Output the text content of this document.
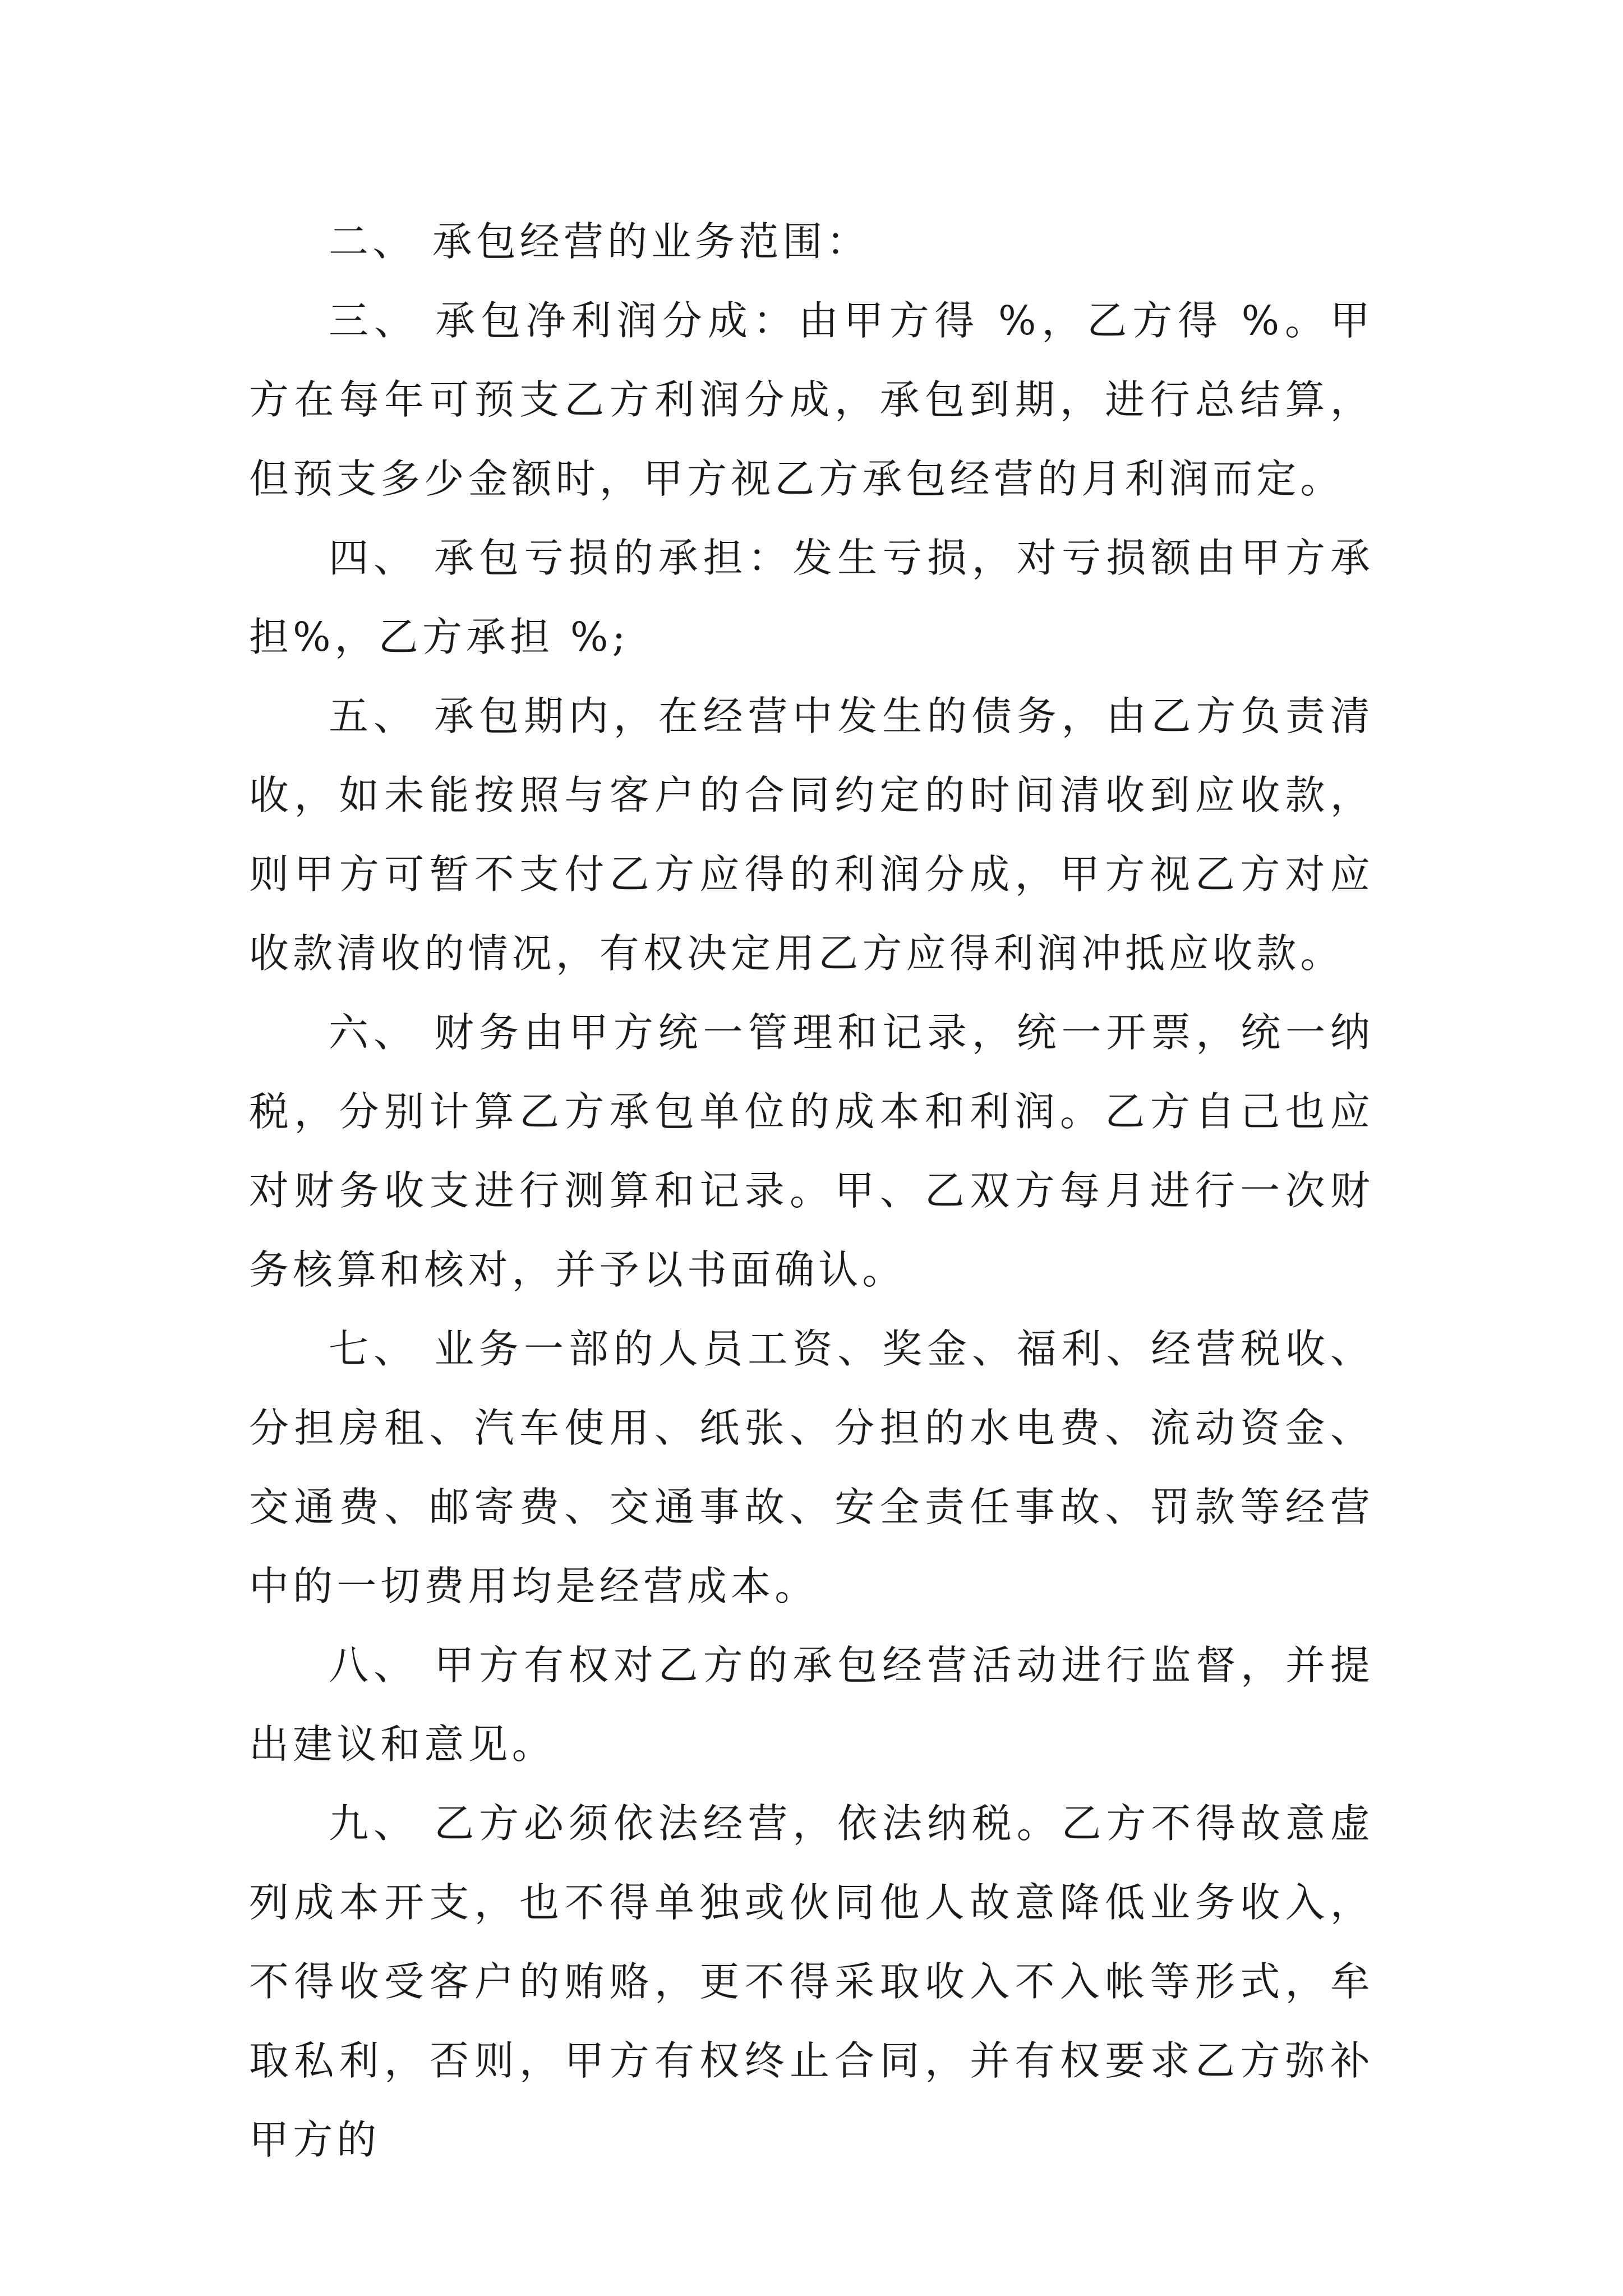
二、 承包经营的业务范围：

三、 承包净利润分成：由甲方得 %，乙方得 %。甲方在每年可预支乙方利润分成，承包到期，进行总结算，但预支多少金额时，甲方视乙方承包经营的月利润而定。

四、 承包亏损的承担：发生亏损，对亏损额由甲方承担%，乙方承担 %;

五、 承包期内，在经营中发生的债务，由乙方负责清收，如未能按照与客户的合同约定的时间清收到应收款，则甲方可暂不支付乙方应得的利润分成，甲方视乙方对应收款清收的情况，有权决定用乙方应得利润冲抵应收款。

六、 财务由甲方统一管理和记录，统一开票，统一纳税，分别计算乙方承包单位的成本和利润。乙方自己也应对财务收支进行测算和记录。甲、乙双方每月进行一次财务核算和核对，并予以书面确认。

七、 业务一部的人员工资、奖金、福利、经营税收、分担房租、汽车使用、纸张、分担的水电费、流动资金、交通费、邮寄费、交通事故、安全责任事故、罚款等经营中的一切费用均是经营成本。

八、 甲方有权对乙方的承包经营活动进行监督，并提出建议和意见。

九、 乙方必须依法经营，依法纳税。乙方不得故意虚列成本开支，也不得单独或伙同他人故意降低业务收入，不得收受客户的贿赂，更不得采取收入不入帐等形式，牟取私利，否则，甲方有权终止合同，并有权要求乙方弥补甲方的
